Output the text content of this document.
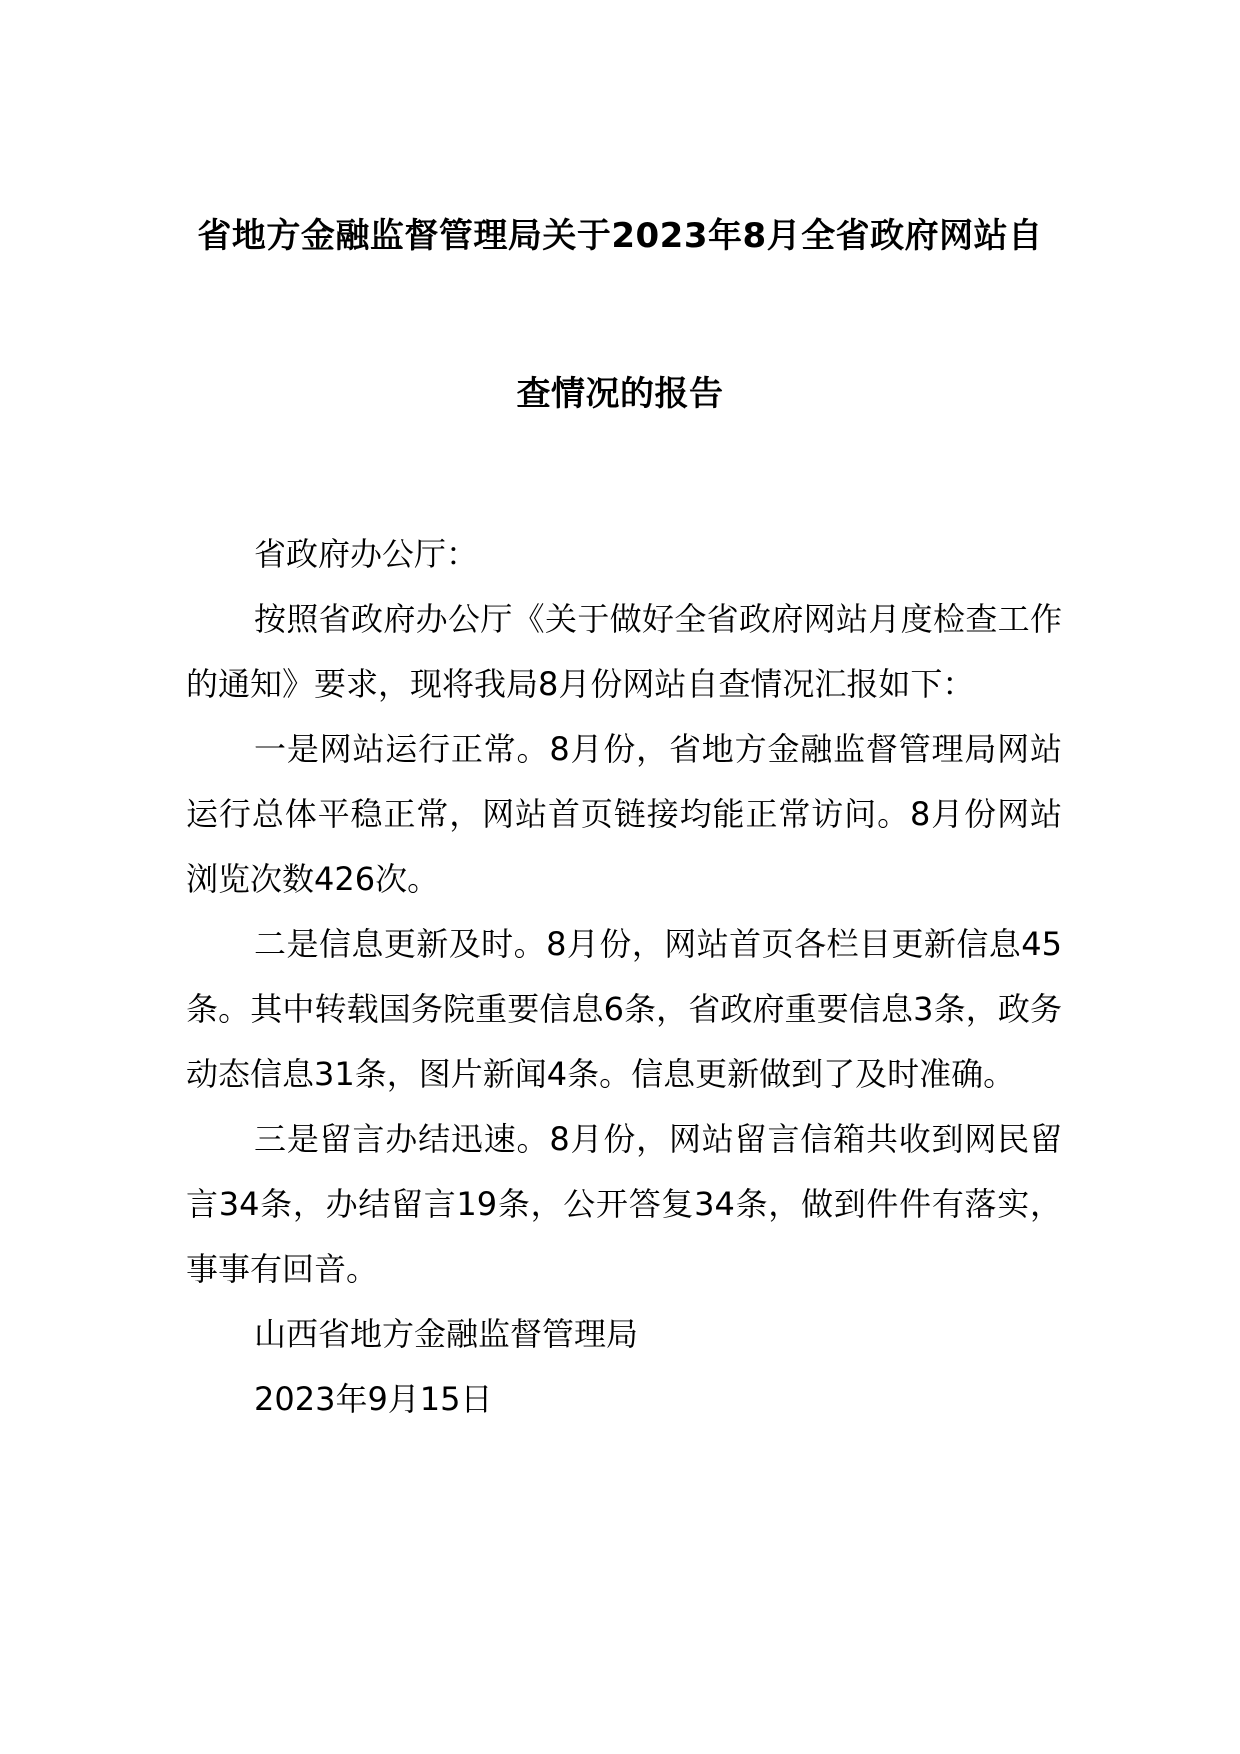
省地方金融监督管理局关于2023年8月全省政府网站自
查情况的报告

省政府办公厅：

按照省政府办公厅《关于做好全省政府网站月度检查工作的通知》要求，现将我局8月份网站自查情况汇报如下：

一是网站运行正常。8月份，省地方金融监督管理局网站运行总体平稳正常，网站首页链接均能正常访问。8月份网站浏览次数426次。

二是信息更新及时。8月份，网站首页各栏目更新信息45条。其中转载国务院重要信息6条，省政府重要信息3条，政务动态信息31条，图片新闻4条。信息更新做到了及时准确。

三是留言办结迅速。8月份，网站留言信箱共收到网民留言34条，办结留言19条，公开答复34条，做到件件有落实，事事有回音。

山西省地方金融监督管理局

2023年9月15日
